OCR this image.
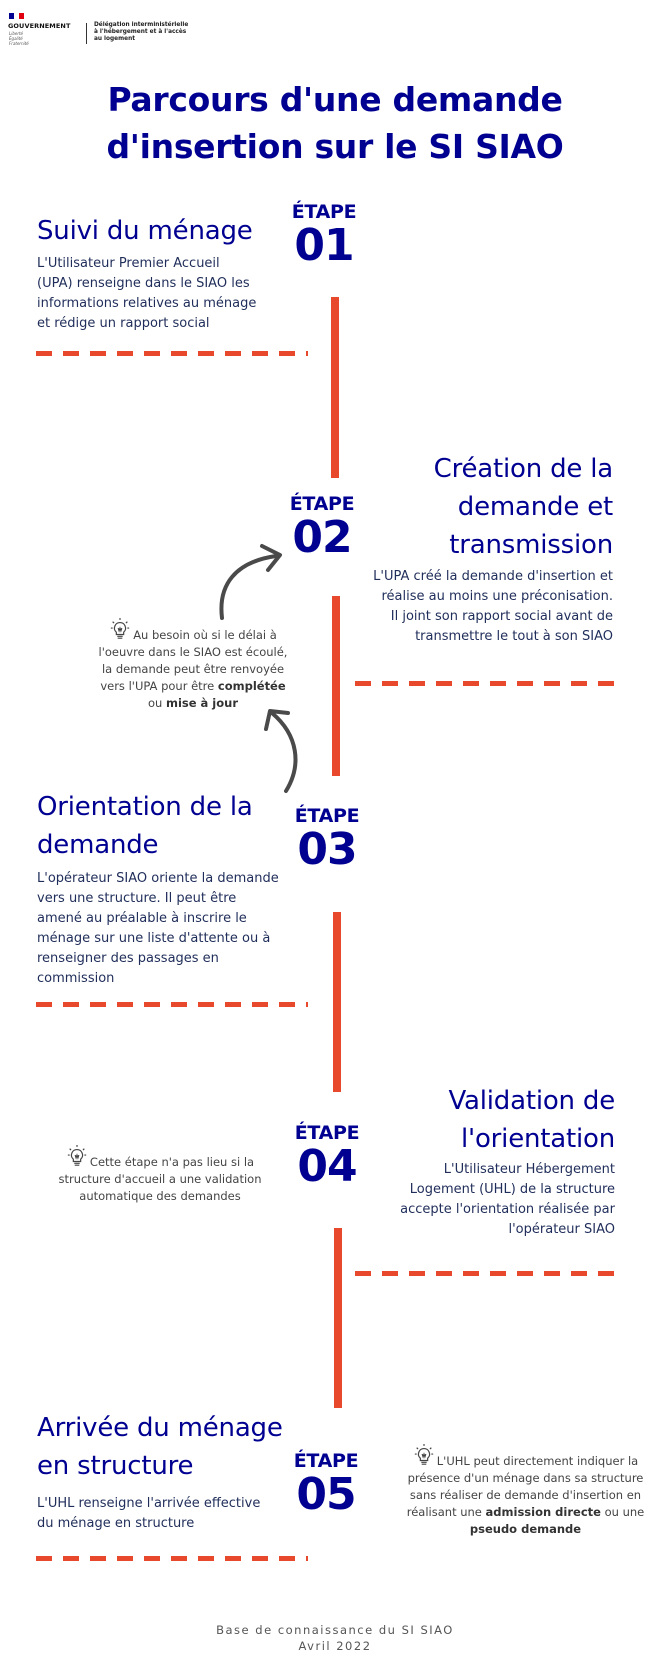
GOUVERNEMENT
Liberté
Égalité
Fraternité
Délégation interministérielle à l'hébergement et à l'accès au logement
Parcours d'une demande
d'insertion sur le SI SIAO
Suivi du ménage
L'Utilisateur Premier Accueil
(UPA) renseigne dans le SIAO les
informations relatives au ménage
et rédige un rapport social
ÉTAPE
01
Création de la
demande et
transmission
L'UPA créé la demande d'insertion et
réalise au moins une préconisation.
Il joint son rapport social avant de
transmettre le tout à son SIAO
ÉTAPE
02
Au besoin où si le délai à
l'oeuvre dans le SIAO est écoulé,
la demande peut être renvoyée
vers l'UPA pour être complétée
ou mise à jour
Orientation de la
demande
L'opérateur SIAO oriente la demande
vers une structure. Il peut être
amené au préalable à inscrire le
ménage sur une liste d'attente ou à
renseigner des passages en
commission
ÉTAPE
03
Validation de
l'orientation
L'Utilisateur Hébergement
Logement (UHL) de la structure
accepte l'orientation réalisée par
l'opérateur SIAO
ÉTAPE
04
Cette étape n'a pas lieu si la
structure d'accueil a une validation
automatique des demandes
Arrivée du ménage
en structure
L'UHL renseigne l'arrivée effective
du ménage en structure
ÉTAPE
05
L'UHL peut directement indiquer la
présence d'un ménage dans sa structure
sans réaliser de demande d'insertion en
réalisant une admission directe ou une
pseudo demande
Base de connaissance du SI SIAO
Avril 2022
